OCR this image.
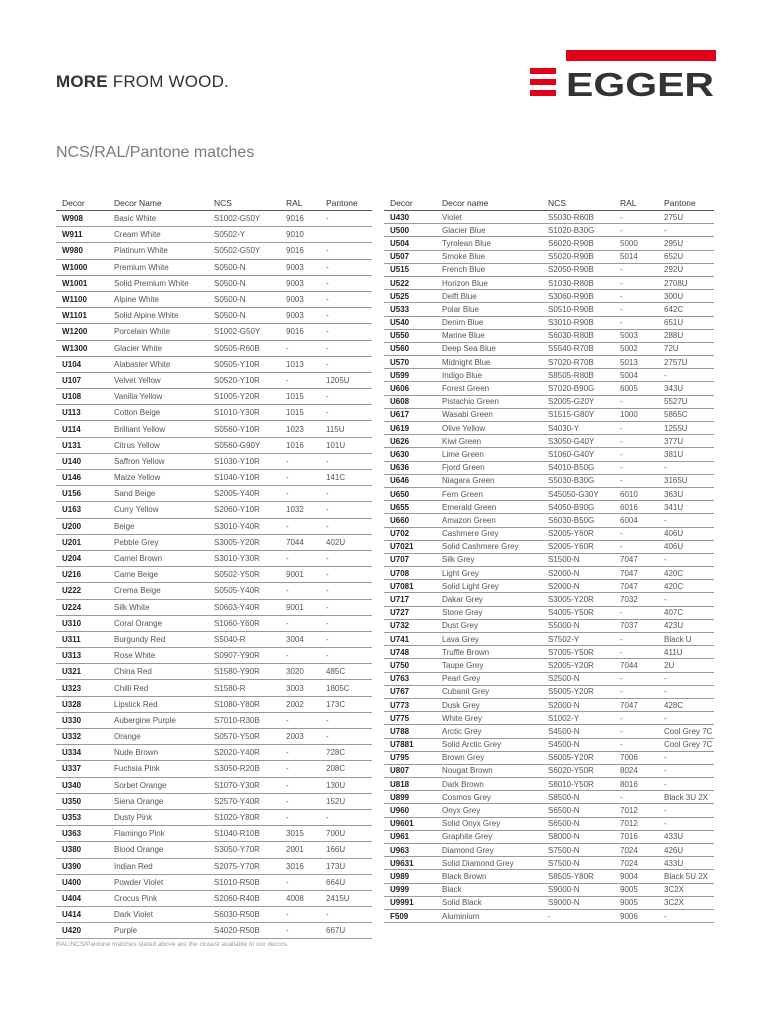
MORE FROM WOOD.	EGGER
NCS/RAL/Pantone matches
Decor	Decor Name	NCS	RAL	Pantone
W908	Basic White	S1002-G50Y	9016	-
W911	Cream White	S0502-Y	9010	
W980	Platinum White	S0502-G50Y	9016	-
W1000	Premium White	S0500-N	9003	-
W1001	Solid Premium White	S0500-N	9003	-
W1100	Alpine White	S0500-N	9003	-
W1101	Solid Alpine White	S0500-N	9003	-
W1200	Porcelain White	S1002-G50Y	9016	-
W1300	Glacier White	S0505-R60B	-	-
U104	Alabaster White	S0505-Y10R	1013	-
U107	Velvet Yellow	S0520-Y10R	-	1205U
U108	Vanilla Yellow	S1005-Y20R	1015	-
U113	Cotton Beige	S1010-Y30R	1015	-
U114	Brilliant Yellow	S0560-Y10R	1023	115U
U131	Citrus Yellow	S0560-G90Y	1016	101U
U140	Saffron Yellow	S1030-Y10R	-	-
U146	Maize Yellow	S1040-Y10R	-	141C
U156	Sand Beige	S2005-Y40R	-	-
U163	Curry Yellow	S2060-Y10R	1032	-
U200	Beige	S3010-Y40R	-	-
U201	Pebble Grey	S3005-Y20R	7044	402U
U204	Camel Brown	S3010-Y30R	-	-
U216	Came Beige	S0502-Y50R	9001	-
U222	Crema Beige	S0505-Y40R	-	-
U224	Silk White	S0603-Y40R	9001	-
U310	Coral Orange	S1060-Y60R	-	-
U311	Burgundy Red	S5040-R	3004	-
U313	Rose White	S0907-Y90R	-	-
U321	China Red	S1580-Y90R	3020	485C
U323	Chilli Red	S1580-R	3003	1805C
U328	Lipstick Red	S1080-Y80R	2002	173C
U330	Aubergine Purple	S7010-R30B	-	-
U332	Orange	S0570-Y50R	2003	-
U334	Nude Brown	S2020-Y40R	-	728C
U337	Fuchsia Pink	S3050-R20B	-	208C
U340	Sorbet Orange	S1070-Y30R	-	130U
U350	Siena Orange	S2570-Y40R	-	152U
U353	Dusty Pink	S1020-Y80R	-	-
U363	Flamingo Pink	S1040-R10B	3015	700U
U380	Blood Orange	S3050-Y70R	2001	166U
U390	Indian Red	S2075-Y70R	3016	173U
U400	Powder Violet	S1010-R50B	-	664U
U404	Crocus Pink	S2060-R40B	4008	2415U
U414	Dark Violet	S6030-R50B	-	-
U420	Purple	S4020-R50B	-	667U
Decor	Decor name	NCS	RAL	Pantone
U430	Violet	S5030-R60B	-	275U
U500	Glacier Blue	S1020-B30G	-	-
U504	Tyrolean Blue	S6020-R90B	5000	295U
U507	Smoke Blue	S5020-R90B	5014	652U
U515	French Blue	S2050-R90B	-	292U
U522	Horizon Blue	S1030-R80B	-	2708U
U525	Delft Blue	S3060-R90B	-	300U
U533	Polar Blue	S0510-R90B	-	642C
U540	Denim Blue	S3010-R90B	-	651U
U550	Marine Blue	S6030-R80B	5003	288U
U560	Deep Sea Blue	S5540-R70B	5002	72U
U570	Midnight Blue	S7020-R70B	5013	2757U
U599	Indigo Blue	S8505-R80B	5004	-
U606	Forest Green	S7020-B90G	6005	343U
U608	Pistachio Green	S2005-G20Y	-	5527U
U617	Wasabi Green	S1515-G80Y	1000	5865C
U619	Olive Yellow	S4030-Y	-	1255U
U626	Kiwi Green	S3050-G40Y	-	377U
U630	Lime Green	S1060-G40Y	-	381U
U636	Fjord Green	S4010-B50G	-	-
U646	Niagara Green	S5030-B30G	-	3165U
U650	Fern Green	S45050-G30Y	6010	363U
U655	Emerald Green	S4050-B90G	6016	341U
U660	Amazon Green	S6030-B50G	6004	-
U702	Cashmere Grey	S2005-Y60R	-	406U
U7021	Solid Cashmere Grey	S2005-Y60R	-	406U
U707	Silk Grey	S1500-N	7047	-
U708	Light Grey	S2000-N	7047	420C
U7081	Solid Light Grey	S2000-N	7047	420C
U717	Dakar Grey	S3005-Y20R	7032	-
U727	Stone Grey	S4005-Y50R	-	407C
U732	Dust Grey	S5000-N	7037	423U
U741	Lava Grey	S7502-Y	-	Black U
U748	Truffle Brown	S7005-Y50R	-	411U
U750	Taupe Grey	S2005-Y20R	7044	2U
U763	Pearl Grey	S2500-N	-	-
U767	Cubanit Grey	S5005-Y20R	-	-
U773	Dusk Grey	S2000-N	7047	428C
U775	White Grey	S1002-Y	-	-
U788	Arctic Grey	S4500-N	-	Cool Grey 7C
U7881	Solid Arctic Grey	S4500-N	-	Cool Grey 7C
U795	Brown Grey	S6005-Y20R	7006	-
U807	Nougat Brown	S6020-Y50R	8024	-
U818	Dark Brown	S8010-Y50R	8016	-
U899	Cosmos Grey	S8500-N	-	Black 3U 2X
U960	Onyx Grey	S6500-N	7012	-
U9601	Solid Onyx Grey	S6500-N	7012	-
U961	Graphite Grey	S8000-N	7016	433U
U963	Diamond Grey	S7500-N	7024	426U
U9631	Solid Diamond Grey	S7500-N	7024	433U
U989	Black Brown	S8505-Y80R	9004	Black 5U 2X
U999	Black	S9000-N	9005	3C2X
U9991	Solid Black	S9000-N	9005	3C2X
F509	Aluminium	-	9006	-
RAL/NCS/Pantone matches stated above are the closest available to our decors.
